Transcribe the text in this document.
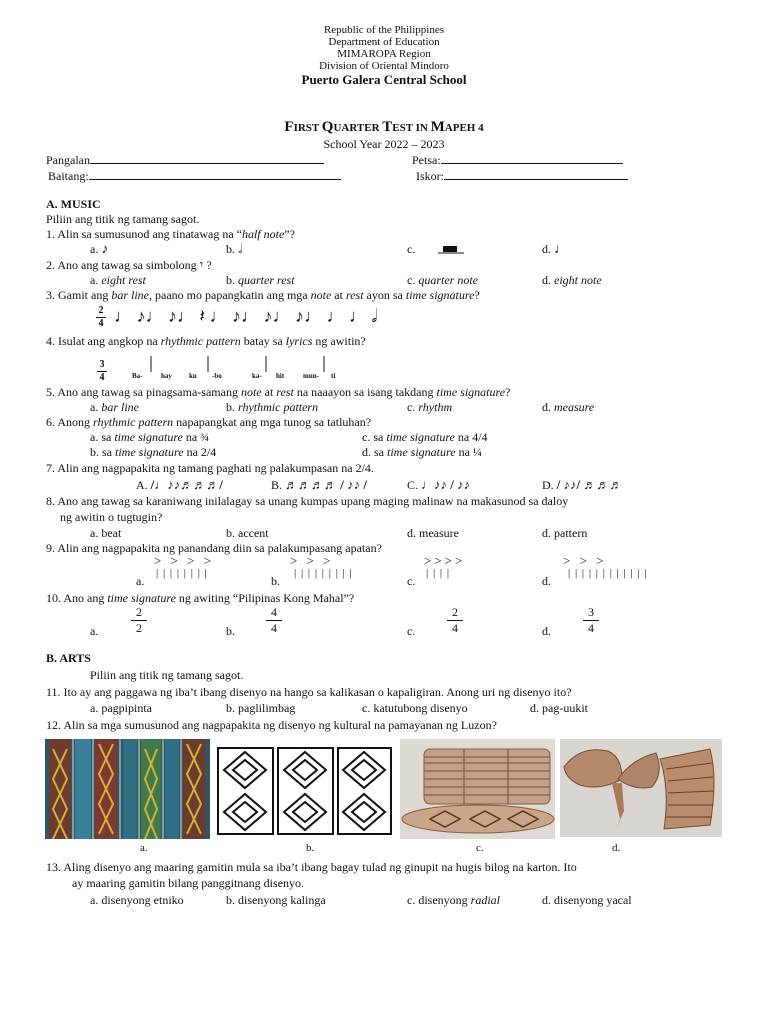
Republic of the Philippines
Department of Education
MIMAROPA Region
Division of Oriental Mindoro
Puerto Galera Central School
FIRST QUARTER TEST IN MAPEH 4
School Year 2022 – 2023
Pangalan	Petsa:
Baitang:	Iskor:
A. MUSIC
Piliin ang titik ng tamang sagot.
1. Alin sa sumusunod ang tinatawag na “half note”?
a. ♪	b. 𝅗𝅥	c.	d. ♩
2. Ano ang tawag sa simbolong 𝄾 ?
a. eight rest	b. quarter rest	c. quarter note	d. eight note
3. Gamit ang bar line, paano mo papangkatin ang mga note at rest ayon sa time signature?
2
4 ♩ ♪♩ ♪♩ 𝄽 ♩ ♪♩ ♪♩ ♪♩ ♩ ♩ 𝅗𝅥
4. Isulat ang angkop na rhythmic pattern batay sa lyrics ng awitin?
3
4	Ba-	hay ku -bo	ka- hit	mun- ti
5. Ano ang tawag sa pinagsama-samang note at rest na naaayon sa isang takdang time signature?
a. bar line	b. rhythmic pattern	c. rhythm	d. measure
6. Anong rhythmic pattern napapangkat ang mga tunog sa tatluhan?
a. sa time signature na ¾	c. sa time signature na 4/4
b. sa time signature na 2/4	d. sa time signature na ¼
7. Alin ang nagpapakita ng tamang paghati ng palakumpasan na 2/4.
A. /♩♪♪♬♬♬/	B. ♬♬♬♬ / ♪♪ /	C. ♩♪♪ / ♪♪	D. / ♪♪/ ♬♬♬
8. Ano ang tawag sa karaniwang inilalagay sa unang kumpas upang maging malinaw na makasunod sa daloy
ng awitin o tugtugin?
a. beat	b. accent	d. measure	d. pattern
9. Alin ang nagpapakita ng panandang diin sa palakumpasang apatan?
> > > >
| | | | | | | |
a.
> > >
| | | | | | | | |
b.
>>>>
| | | |
c.
> > >
| | | | | | | | | | | |
d.
10. Ano ang time signature ng awiting “Pilipinas Kong Mahal”?
a.
2
2	b.
4
4	c.
2
4	d.
3
4
B. ARTS
Piliin ang titik ng tamang sagot.
11. Ito ay ang paggawa ng iba’t ibang disenyo na hango sa kalikasan o kapaligiran. Anong uri ng disenyo ito?
a. pagpipinta	b. paglilimbag	c. katutubong disenyo	d. pag-uukit
12. Alin sa mga sumusunod ang nagpapakita ng disenyo ng kultural na pamayanan ng Luzon?
a.	b.	c.	d.
13. Aling disenyo ang maaring gamitin mula sa iba’t ibang bagay tulad ng ginupit na hugis bilog na karton. Ito
ay maaring gamitin bilang panggitnang disenyo.
a. disenyong etniko	b. disenyong kalinga	c. disenyong radial	d. disenyong yacal
